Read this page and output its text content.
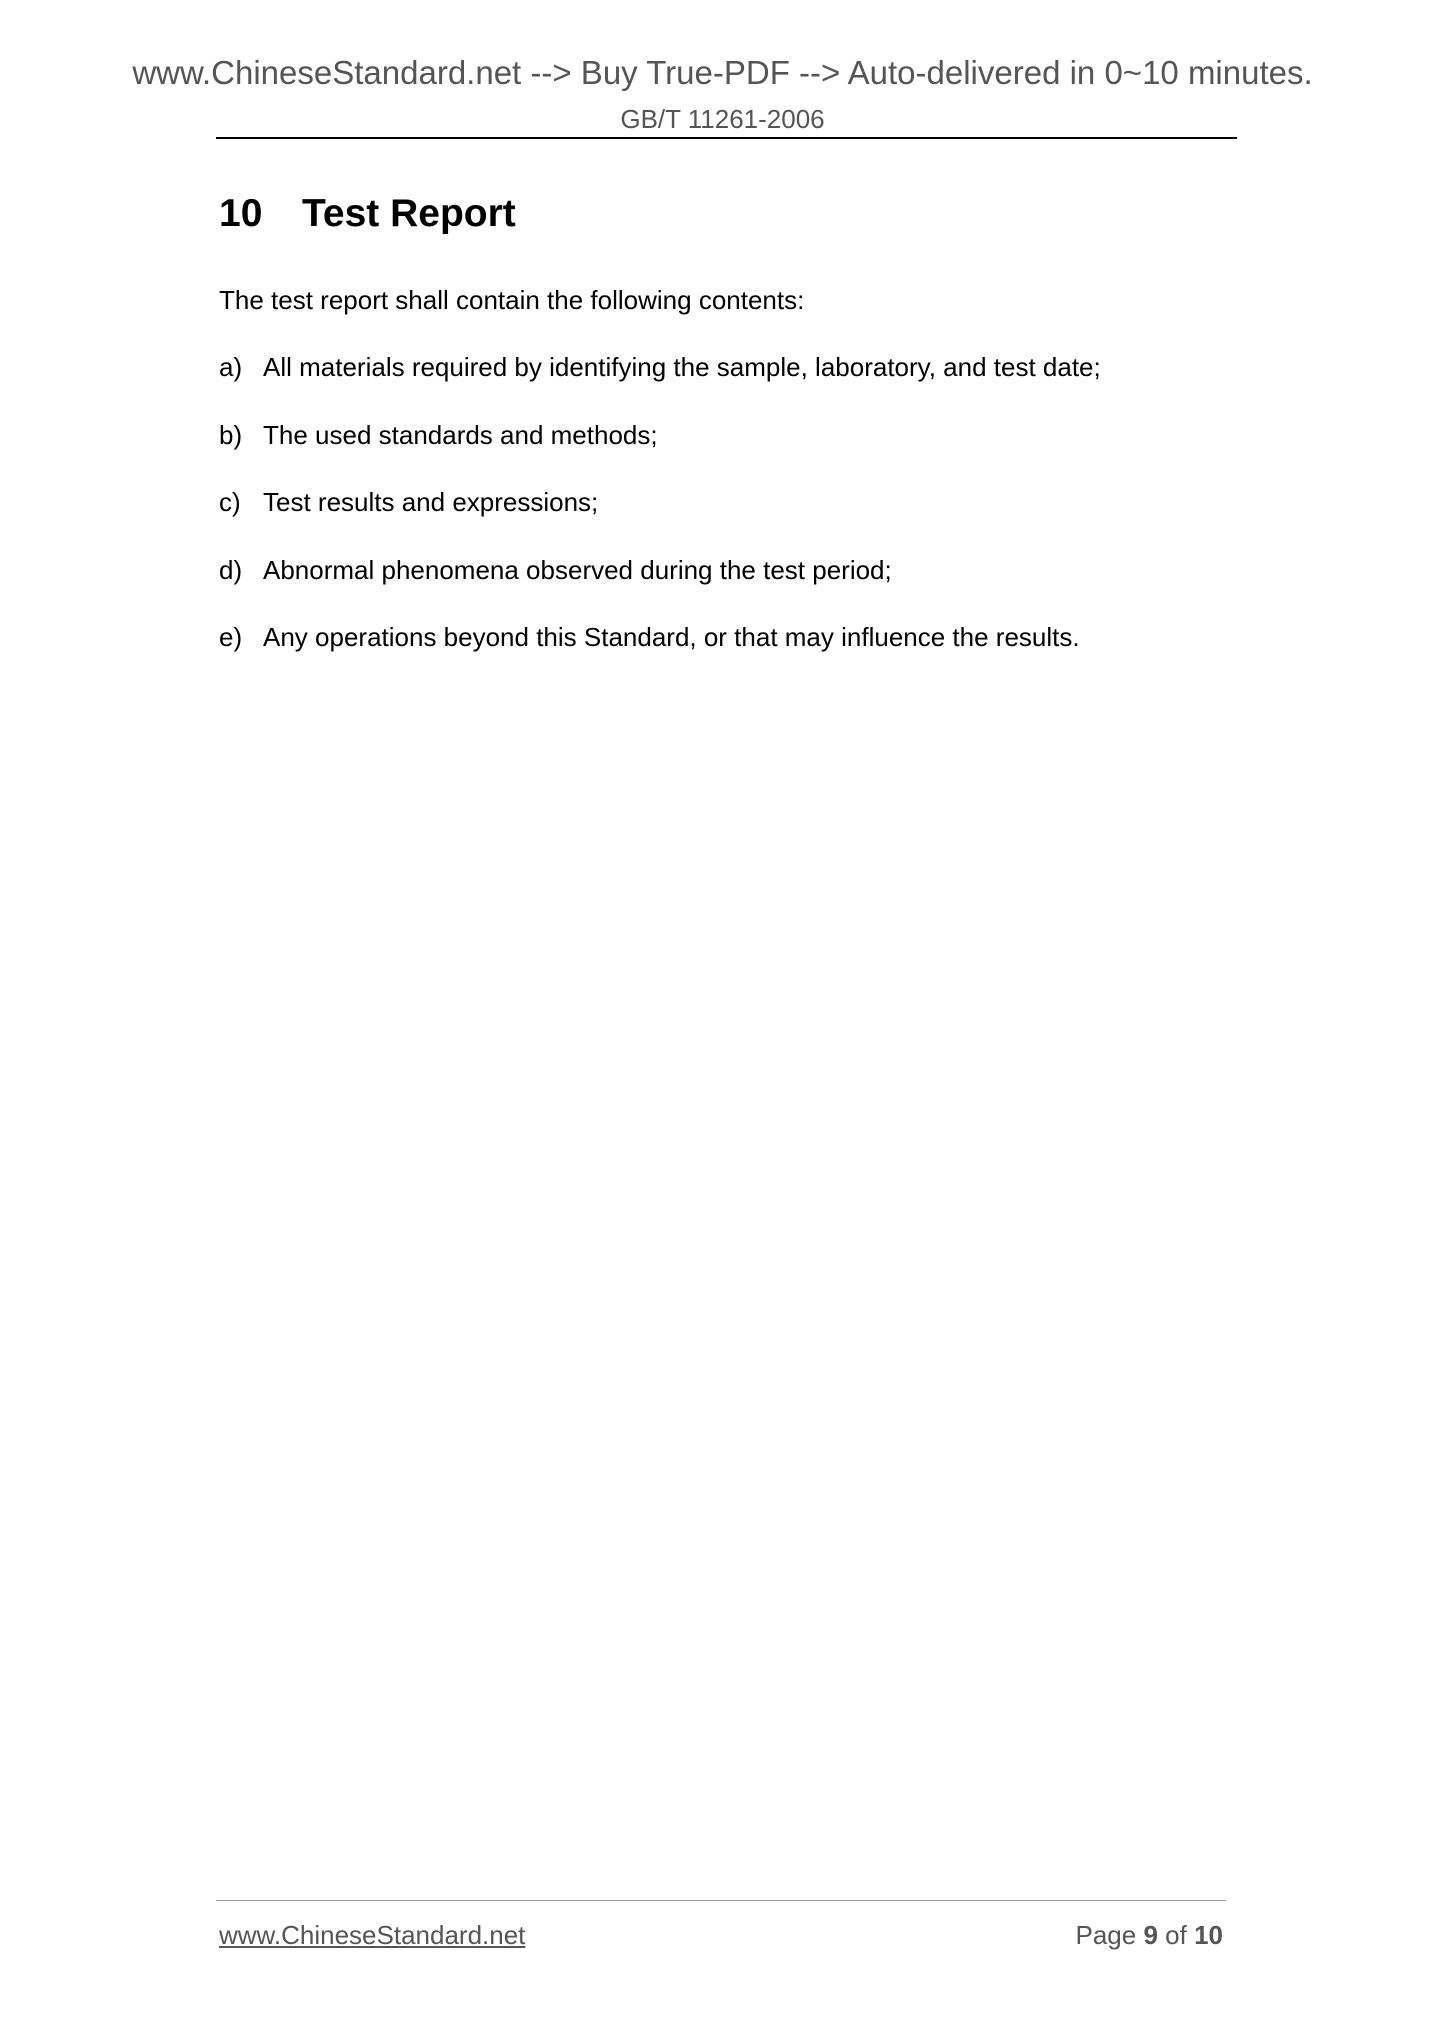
www.ChineseStandard.net --> Buy True-PDF --> Auto-delivered in 0~10 minutes.
GB/T 11261-2006
10 Test Report
The test report shall contain the following contents:
a) All materials required by identifying the sample, laboratory, and test date;
b) The used standards and methods;
c) Test results and expressions;
d) Abnormal phenomena observed during the test period;
e) Any operations beyond this Standard, or that may influence the results.
www.ChineseStandard.net	Page 9 of 10
